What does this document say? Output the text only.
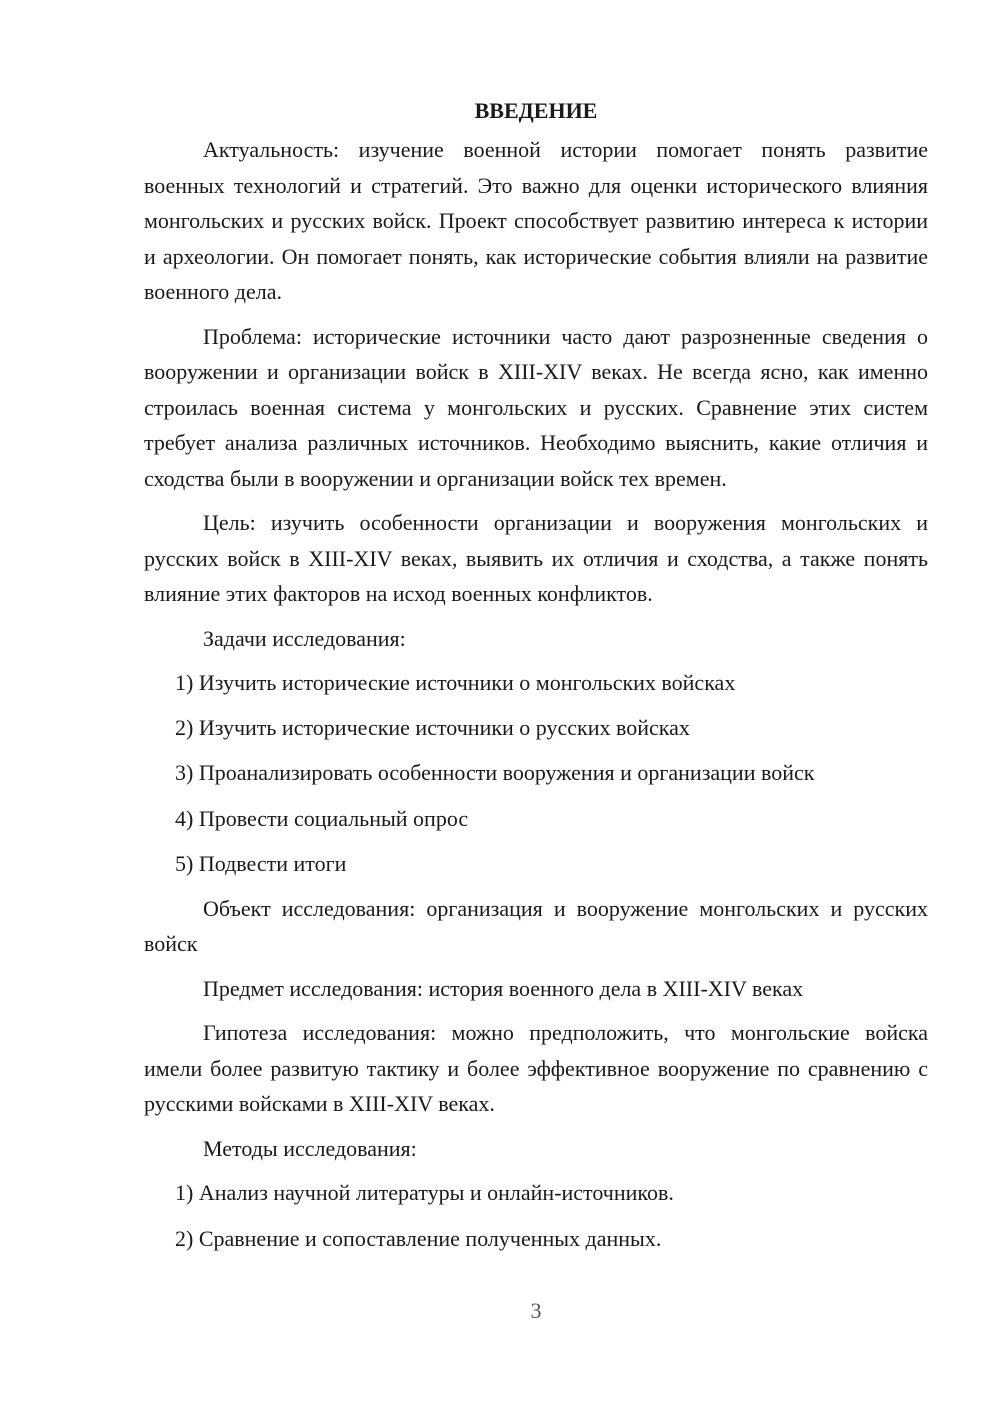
ВВЕДЕНИЕ
Актуальность: изучение военной истории помогает понять развитие военных технологий и стратегий. Это важно для оценки исторического влияния монгольских и русских войск. Проект способствует развитию интереса к истории и археологии. Он помогает понять, как исторические события влияли на развитие военного дела.
Проблема: исторические источники часто дают разрозненные сведения о вооружении и организации войск в XIII-XIV веках. Не всегда ясно, как именно строилась военная система у монгольских и русских. Сравнение этих систем требует анализа различных источников. Необходимо выяснить, какие отличия и сходства были в вооружении и организации войск тех времен.
Цель: изучить особенности организации и вооружения монгольских и русских войск в XIII-XIV веках, выявить их отличия и сходства, а также понять влияние этих факторов на исход военных конфликтов.
Задачи исследования:
1) Изучить исторические источники о монгольских войсках
2) Изучить исторические источники о русских войсках
3) Проанализировать особенности вооружения и организации войск
4) Провести социальный опрос
5) Подвести итоги
Объект исследования: организация и вооружение монгольских и русских войск
Предмет исследования: история военного дела в XIII-XIV веках
Гипотеза исследования: можно предположить, что монгольские войска имели более развитую тактику и более эффективное вооружение по сравнению с русскими войсками в XIII-XIV веках.
Методы исследования:
1) Анализ научной литературы и онлайн-источников.
2) Сравнение и сопоставление полученных данных.
3
